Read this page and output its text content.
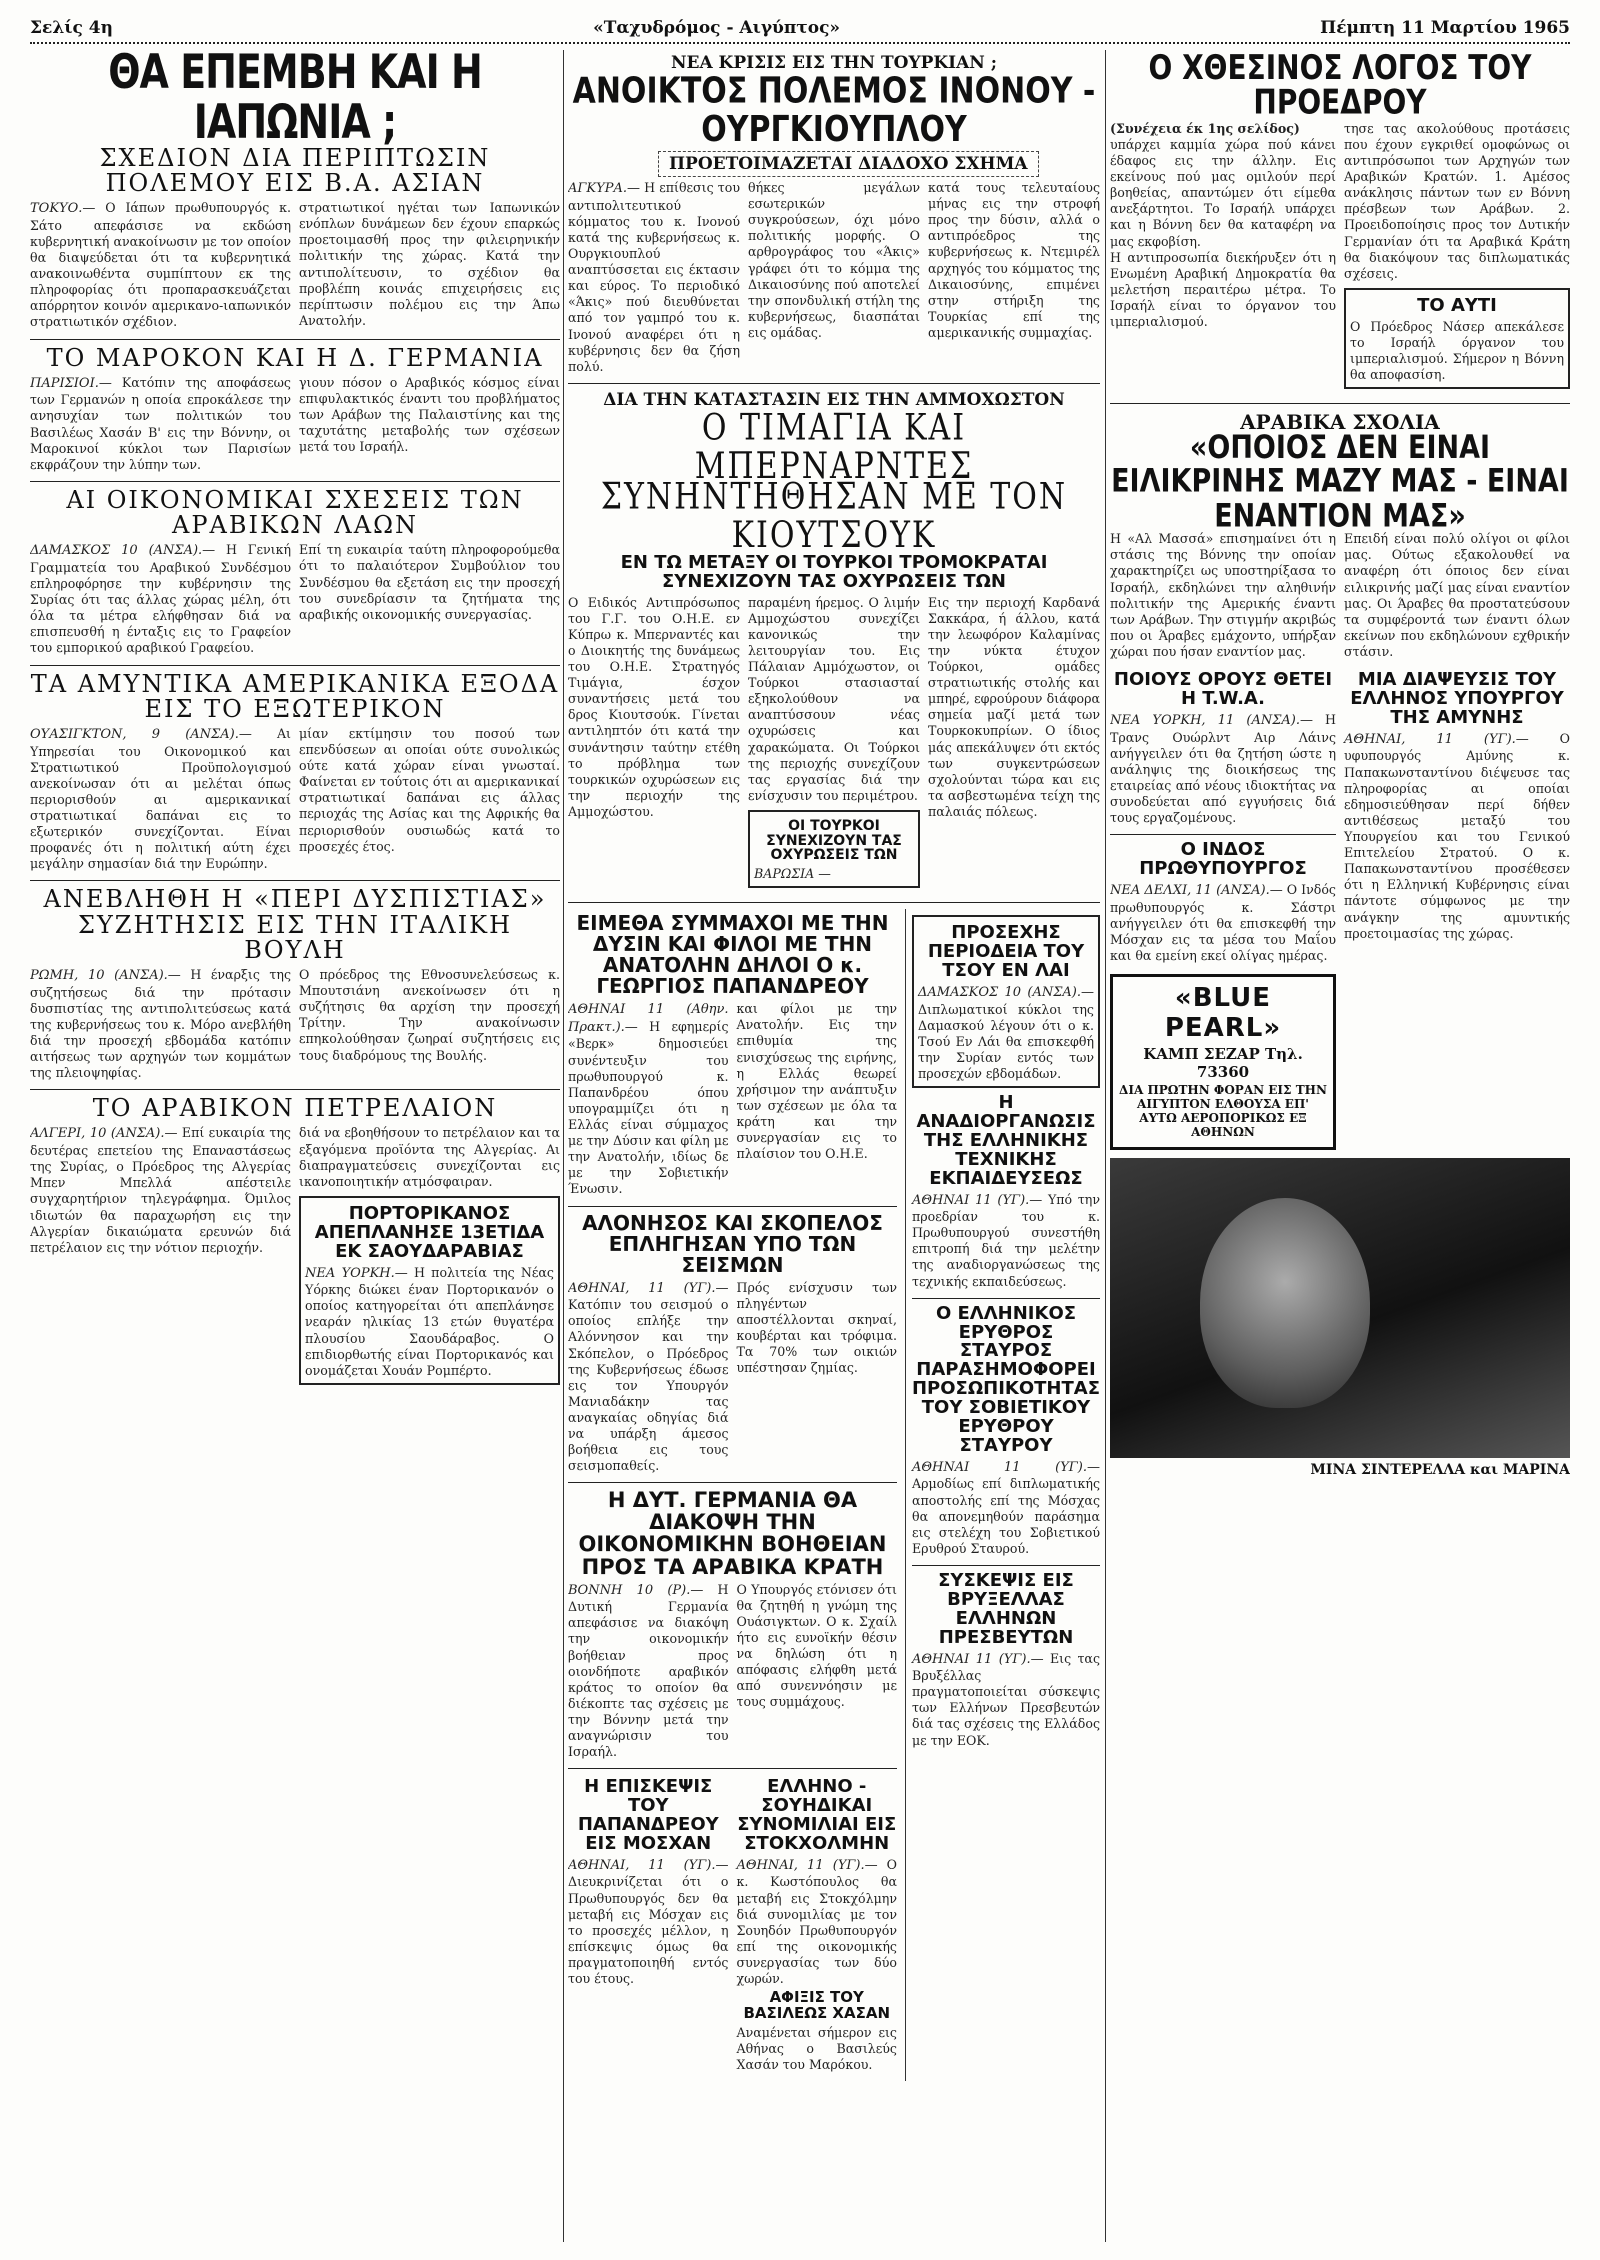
Σελίς 4η	«Ταχυδρόμος - Αιγύπτος»	Πέμπτη 11 Μαρτίου 1965
ΘΑ ΕΠΕΜΒΗ ΚΑΙ Η ΙΑΠΩΝΙΑ ;
ΣΧΕΔΙΟΝ ΔΙΑ ΠΕΡΙΠΤΩΣΙΝ ΠΟΛΕΜΟΥ ΕΙΣ Β.Α. ΑΣΙΑΝ
ΤΟΚΥΟ.— Ο Ιάπων πρωθυπουργός κ. Σάτο απεφάσισε να εκδώση κυβερνητική ανακοίνωσιν με τον οποίον θα διαψεύδεται ότι τα κυβερνητικά ανακοινωθέντα συμπίπτουν εκ της πληροφορίας ότι προπαρασκευάζεται απόρρητον κοινόν αμερικανο-ιαπωνικόν στρατιωτικόν σχέδιον.
στρατιωτικοί ηγέται των Ιαπωνικών ενόπλων δυνάμεων δεν έχουν επαρκώς προετοιμασθή προς την φιλειρηνικήν πολιτικήν της χώρας. Κατά την αντιπολίτευσιν, το σχέδιον θα προβλέπη κοινάς επιχειρήσεις εις περίπτωσιν πολέμου εις την Άπω Ανατολήν.
ΤΟ ΜΑΡΟΚΟΝ ΚΑΙ Η Δ. ΓΕΡΜΑΝΙΑ
ΠΑΡΙΣΙΟΙ.— Κατόπιν της αποφάσεως των Γερμανών η οποία επροκάλεσε την ανησυχίαν των πολιτικών του Βασιλέως Χασάν Β' εις την Βόννην, οι Μαροκινοί κύκλοι των Παρισίων εκφράζουν την λύπην των.
γιουν πόσον ο Αραβικός κόσμος είναι επιφυλακτικός έναντι του προβλήματος των Αράβων της Παλαιστίνης και της ταχυτάτης μεταβολής των σχέσεων μετά του Ισραήλ.
ΑΙ ΟΙΚΟΝΟΜΙΚΑΙ ΣΧΕΣΕΙΣ ΤΩΝ ΑΡΑΒΙΚΩΝ ΛΑΩΝ
ΔΑΜΑΣΚΟΣ 10 (ΑΝΣΑ).— Η Γενική Γραμματεία του Αραβικού Συνδέσμου επληροφόρησε την κυβέρνησιν της Συρίας ότι τας άλλας χώρας μέλη, ότι όλα τα μέτρα ελήφθησαν διά να επισπευσθή η ένταξις εις το Γραφείον του εμπορικού αραβικού Γραφείου.
Επί τη ευκαιρία ταύτη πληροφορούμεθα ότι το παλαιότερον Συμβούλιον του Συνδέσμου θα εξετάση εις την προσεχή του συνεδρίασιν τα ζητήματα της αραβικής οικονομικής συνεργασίας.
ΤΑ ΑΜΥΝΤΙΚΑ ΑΜΕΡΙΚΑΝΙΚΑ ΕΞΟΔΑ ΕΙΣ ΤΟ ΕΞΩΤΕΡΙΚΟΝ
ΟΥΑΣΙΓΚΤΟΝ, 9 (ΑΝΣΑ).— Αι Υπηρεσίαι του Οικονομικού και Στρατιωτικού Προϋπολογισμού ανεκοίνωσαν ότι αι μελέται όπως περιορισθούν αι αμερικανικαί στρατιωτικαί δαπάναι εις το εξωτερικόν συνεχίζονται. Είναι προφανές ότι η πολιτική αύτη έχει μεγάλην σημασίαν διά την Ευρώπην.
μίαν εκτίμησιν του ποσού των επενδύσεων αι οποίαι ούτε συνολικώς ούτε κατά χώραν είναι γνωσταί. Φαίνεται εν τούτοις ότι αι αμερικανικαί στρατιωτικαί δαπάναι εις άλλας περιοχάς της Ασίας και της Αφρικής θα περιορισθούν ουσιωδώς κατά το προσεχές έτος.
ΑΝΕΒΛΗΘΗ Η «ΠΕΡΙ ΔΥΣΠΙΣΤΙΑΣ» ΣΥΖΗΤΗΣΙΣ ΕΙΣ ΤΗΝ ΙΤΑΛΙΚΗ ΒΟΥΛΗ
ΡΩΜΗ, 10 (ΑΝΣΑ).— Η έναρξις της συζητήσεως διά την πρότασιν δυσπιστίας της αντιπολιτεύσεως κατά της κυβερνήσεως του κ. Μόρο ανεβλήθη διά την προσεχή εβδομάδα κατόπιν αιτήσεως των αρχηγών των κομμάτων της πλειοψηφίας.
Ο πρόεδρος της Εθνοσυνελεύσεως κ. Μπουτσιάνη ανεκοίνωσεν ότι η συζήτησις θα αρχίση την προσεχή Τρίτην. Την ανακοίνωσιν επηκολούθησαν ζωηραί συζητήσεις εις τους διαδρόμους της Βουλής.
ΤΟ ΑΡΑΒΙΚΟΝ ΠΕΤΡΕΛΑΙΟΝ
ΑΛΓΕΡΙ, 10 (ΑΝΣΑ).— Επί ευκαιρία της δευτέρας επετείου της Επαναστάσεως της Συρίας, ο Πρόεδρος της Αλγερίας Μπεν Μπελλά απέστειλε συγχαρητήριον τηλεγράφημα. Όμιλος ιδιωτών θα παραχωρήση εις την Αλγερίαν δικαιώματα ερευνών διά πετρέλαιον εις την νότιον περιοχήν.
διά να εβοηθήσουν το πετρέλαιον και τα εξαγόμενα προϊόντα της Αλγερίας. Αι διαπραγματεύσεις συνεχίζονται εις ικανοποιητικήν ατμόσφαιραν.
ΠΟΡΤΟΡΙΚΑΝΟΣ ΑΠΕΠΛΑΝΗΣΕ 13ΕΤΙΔΑ ΕΚ ΣΑΟΥΔΑΡΑΒΙΑΣ
ΝΕΑ ΥΟΡΚΗ.— Η πολιτεία της Νέας Υόρκης διώκει έναν Πορτορικανόν ο οποίος κατηγορείται ότι απεπλάνησε νεαράν ηλικίας 13 ετών θυγατέρα πλουσίου Σαουδάραβος. Ο επιδιορθωτής είναι Πορτορικανός και ονομάζεται Χουάν Ρομπέρτο.
ΝΕΑ ΚΡΙΣΙΣ ΕΙΣ ΤΗΝ ΤΟΥΡΚΙΑΝ ;
ΑΝΟΙΚΤΟΣ ΠΟΛΕΜΟΣ ΙΝΟΝΟΥ - ΟΥΡΓΚΙΟΥΠΛΟΥ
ΠΡΟΕΤΟΙΜΑΖΕΤΑΙ ΔΙΑΔΟΧΟ ΣΧΗΜΑ
ΑΓΚΥΡΑ.— Η επίθεσις του αντιπολιτευτικού κόμματος του κ. Ινονού κατά της κυβερνήσεως κ. Ουργκιουπλού αναπτύσσεται εις έκτασιν και εύρος. Το περιοδικό «Άκις» πού διευθύνεται από τον γαμπρό του κ. Ινονού αναφέρει ότι η κυβέρνησις δεν θα ζήση πολύ.
θήκες μεγάλων εσωτερικών συγκρούσεων, όχι μόνο πολιτικής μορφής. Ο αρθρογράφος του «Άκις» γράφει ότι το κόμμα της Δικαιοσύνης πού αποτελεί την σπονδυλική στήλη της κυβερνήσεως, διασπάται εις ομάδας.
κατά τους τελευταίους μήνας εις την στροφή προς την δύσιν, αλλά ο αντιπρόεδρος της κυβερνήσεως κ. Ντεμιρέλ αρχηγός του κόμματος της Δικαιοσύνης, επιμένει στην στήριξη της Τουρκίας επί της αμερικανικής συμμαχίας.
ΔΙΑ ΤΗΝ ΚΑΤΑΣΤΑΣΙΝ ΕΙΣ ΤΗΝ ΑΜΜΟΧΩΣΤΟΝ
Ο ΤΙΜΑΓΙΑ ΚΑΙ ΜΠΕΡΝΑΡΝΤΕΣ
ΣΥΝΗΝΤΗΘΗΣΑΝ ΜΕ ΤΟΝ ΚΙΟΥΤΣΟΥΚ
ΕΝ ΤΩ ΜΕΤΑΞΥ ΟΙ ΤΟΥΡΚΟΙ ΤΡΟΜΟΚΡΑΤΑΙ ΣΥΝΕΧΙΖΟΥΝ ΤΑΣ ΟΧΥΡΩΣΕΙΣ ΤΩΝ
Ο Ειδικός Αντιπρόσωπος του Γ.Γ. του Ο.Η.Ε. εν Κύπρω κ. Μπερναντές και ο Διοικητής της δυνάμεως του Ο.Η.Ε. Στρατηγός Τιμάγια, έσχον συναντήσεις μετά του δρος Κιουτσούκ. Γίνεται αντιληπτόν ότι κατά την συνάντησιν ταύτην ετέθη το πρόβλημα των τουρκικών οχυρώσεων εις την περιοχήν της Αμμοχώστου.
παραμένη ήρεμος. Ο λιμήν Αμμοχώστου συνεχίζει κανονικώς την λειτουργίαν του. Εις Πάλαιαν Αμμόχωστον, οι Τούρκοι στασιασταί εξηκολούθουν να αναπτύσσουν νέας οχυρώσεις και χαρακώματα. Οι Τούρκοι της περιοχής συνεχίζουν τας εργασίας διά την ενίσχυσιν του περιμέτρου.
ΟΙ ΤΟΥΡΚΟΙ ΣΥΝΕΧΙΖΟΥΝ ΤΑΣ ΟΧΥΡΩΣΕΙΣ ΤΩΝ
ΒΑΡΩΣΙΑ —
Εις την περιοχή Καρδανά Σακκάρα, ή άλλου, κατά την λεωφόρον Καλαμίνας την νύκτα έτυχον Τούρκοι, ομάδες στρατιωτικής στολής και μπηρέ, εφρούρουν διάφορα σημεία μαζί μετά των Τουρκοκυπρίων. Ο ίδιος μάς απεκάλυψεν ότι εκτός των συγκεντρώσεων σχολούνται τώρα και εις τα ασβεστωμένα τείχη της παλαιάς πόλεως.
ΕΙΜΕΘΑ ΣΥΜΜΑΧΟΙ ΜΕ ΤΗΝ ΔΥΣΙΝ ΚΑΙ ΦΙΛΟΙ ΜΕ ΤΗΝ ΑΝΑΤΟΛΗΝ ΔΗΛΟΙ Ο κ. ΓΕΩΡΓΙΟΣ ΠΑΠΑΝΔΡΕΟΥ
ΑΘΗΝΑΙ 11 (Αθην. Πρακτ.).— Η εφημερίς «Βερκ» δημοσιεύει συνέντευξιν του πρωθυπουργού κ. Παπανδρέου όπου υπογραμμίζει ότι η Ελλάς είναι σύμμαχος με την Δύσιν και φίλη με την Ανατολήν, ιδίως δε με την Σοβιετικήν Ένωσιν.
και φίλοι με την Ανατολήν. Εις την επιθυμία της ενισχύσεως της ειρήνης, η Ελλάς θεωρεί χρήσιμον την ανάπτυξιν των σχέσεων με όλα τα κράτη και την συνεργασίαν εις το πλαίσιον του Ο.Η.Ε.
ΑΛΟΝΗΣΟΣ ΚΑΙ ΣΚΟΠΕΛΟΣ ΕΠΛΗΓΗΣΑΝ ΥΠΟ ΤΩΝ ΣΕΙΣΜΩΝ
ΑΘΗΝΑΙ, 11 (ΥΓ).— Κατόπιν του σεισμού ο οποίος επλήξε την Αλόννησον και την Σκόπελον, ο Πρόεδρος της Κυβερνήσεως έδωσε εις τον Υπουργόν Μανιαδάκην τας αναγκαίας οδηγίας διά να υπάρξη άμεσος βοήθεια εις τους σεισμοπαθείς.
Πρός ενίσχυσιν των πληγέντων αποστέλλονται σκηναί, κουβέρται και τρόφιμα. Τα 70% των οικιών υπέστησαν ζημίας.
Η ΔΥΤ. ΓΕΡΜΑΝΙΑ ΘΑ ΔΙΑΚΟΨΗ ΤΗΝ ΟΙΚΟΝΟΜΙΚΗΝ ΒΟΗΘΕΙΑΝ ΠΡΟΣ ΤΑ ΑΡΑΒΙΚΑ ΚΡΑΤΗ
ΒΟΝΝΗ 10 (Ρ).— Η Δυτική Γερμανία απεφάσισε να διακόψη την οικονομικήν βοήθειαν προς οιονδήποτε αραβικόν κράτος το οποίον θα διέκοπτε τας σχέσεις με την Βόννην μετά την αναγνώρισιν του Ισραήλ.
Ο Υπουργός ετόνισεν ότι θα ζητηθή η γνώμη της Ουάσιγκτων. Ο κ. Σχαίλ ήτο εις ευνοϊκήν θέσιν να δηλώση ότι η απόφασις ελήφθη μετά από συνεννόησιν με τους συμμάχους.
Η ΕΠΙΣΚΕΨΙΣ ΤΟΥ ΠΑΠΑΝΔΡΕΟΥ ΕΙΣ ΜΟΣΧΑΝ
ΑΘΗΝΑΙ, 11 (ΥΓ).— Διευκρινίζεται ότι ο Πρωθυπουργός δεν θα μεταβή εις Μόσχαν εις το προσεχές μέλλον, η επίσκεψις όμως θα πραγματοποιηθή εντός του έτους.
ΕΛΛΗΝΟ - ΣΟΥΗΔΙΚΑΙ ΣΥΝΟΜΙΛΙΑΙ ΕΙΣ ΣΤΟΚΧΟΛΜΗΝ
ΑΘΗΝΑΙ, 11 (ΥΓ).— Ο κ. Κωστόπουλος θα μεταβή εις Στοκχόλμην διά συνομιλίας με τον Σουηδόν Πρωθυπουργόν επί της οικονομικής συνεργασίας των δύο χωρών.
ΑΦΙΞΙΣ ΤΟΥ ΒΑΣΙΛΕΩΣ ΧΑΣΑΝ
Αναμένεται σήμερον εις Αθήνας ο Βασιλεύς Χασάν του Μαρόκου.
ΠΡΟΣΕΧΗΣ ΠΕΡΙΟΔΕΙΑ ΤΟΥ ΤΣΟΥ ΕΝ ΛΑΙ
ΔΑΜΑΣΚΟΣ 10 (ΑΝΣΑ).— Διπλωματικοί κύκλοι της Δαμασκού λέγουν ότι ο κ. Τσού Εν Λάι θα επισκεφθή την Συρίαν εντός των προσεχών εβδομάδων.
Η ΑΝΑΔΙΟΡΓΑΝΩΣΙΣ ΤΗΣ ΕΛΛΗΝΙΚΗΣ ΤΕΧΝΙΚΗΣ ΕΚΠΑΙΔΕΥΣΕΩΣ
ΑΘΗΝΑΙ 11 (ΥΓ).— Υπό την προεδρίαν του κ. Πρωθυπουργού συνεστήθη επιτροπή διά την μελέτην της αναδιοργανώσεως της τεχνικής εκπαιδεύσεως.
Ο ΕΛΛΗΝΙΚΟΣ ΕΡΥΘΡΟΣ ΣΤΑΥΡΟΣ ΠΑΡΑΣΗΜΟΦΟΡΕΙ ΠΡΟΣΩΠΙΚΟΤΗΤΑΣ ΤΟΥ ΣΟΒΙΕΤΙΚΟΥ ΕΡΥΘΡΟΥ ΣΤΑΥΡΟΥ
ΑΘΗΝΑΙ 11 (ΥΓ).— Αρμοδίως επί διπλωματικής αποστολής επί της Μόσχας θα απονεμηθούν παράσημα εις στελέχη του Σοβιετικού Ερυθρού Σταυρού.
ΣΥΣΚΕΨΙΣ ΕΙΣ ΒΡΥΞΕΛΛΑΣ ΕΛΛΗΝΩΝ ΠΡΕΣΒΕΥΤΩΝ
ΑΘΗΝΑΙ 11 (ΥΓ).— Εις τας Βρυξέλλας πραγματοποιείται σύσκεψις των Ελλήνων Πρεσβευτών διά τας σχέσεις της Ελλάδος με την ΕΟΚ.
Ο ΧΘΕΣΙΝΟΣ ΛΟΓΟΣ ΤΟΥ ΠΡΟΕΔΡΟΥ
(Συνέχεια έκ 1ης σελίδος)
υπάρχει καμμία χώρα πού κάνει έδαφος εις την άλλην. Εις εκείνους πού μας ομιλούν περί βοηθείας, απαντώμεν ότι είμεθα ανεξάρτητοι. Το Ισραήλ υπάρχει και η Βόννη δεν θα καταφέρη να μας εκφοβίση.
Η αντιπροσωπία διεκήρυξεν ότι η Ενωμένη Αραβική Δημοκρατία θα μελετήση περαιτέρω μέτρα. Το Ισραήλ είναι το όργανον του ιμπεριαλισμού.
τησε τας ακολούθους προτάσεις που έχουν εγκριθεί ομοφώνως οι αντιπρόσωποι των Αρχηγών των Αραβικών Κρατών. 1. Αμέσος ανάκλησις πάντων των εν Βόννη πρέσβεων των Αράβων. 2. Προειδοποίησις προς τον Δυτικήν Γερμανίαν ότι τα Αραβικά Κράτη θα διακόψουν τας διπλωματικάς σχέσεις.
ΤΟ ΑΥΤΙ
Ο Πρόεδρος Νάσερ απεκάλεσε το Ισραήλ όργανον του ιμπεριαλισμού. Σήμερον η Βόννη θα αποφασίση.
ΑΡΑΒΙΚΑ ΣΧΟΛΙΑ
«ΟΠΟΙΟΣ ΔΕΝ ΕΙΝΑΙ ΕΙΛΙΚΡΙΝΗΣ ΜΑΖΥ ΜΑΣ - ΕΙΝΑΙ ΕΝΑΝΤΙΟΝ ΜΑΣ»
Η «Αλ Μασσά» επισημαίνει ότι η στάσις της Βόννης την οποίαν χαρακτηρίζει ως υποστηρίξασα το Ισραήλ, εκδηλώνει την αληθινήν πολιτικήν της Αμερικής έναντι των Αράβων. Την στιγμήν ακριβώς που οι Άραβες εμάχοντο, υπήρξαν χώραι που ήσαν εναντίον μας.
Επειδή είναι πολύ ολίγοι οι φίλοι μας. Ούτως εξακολουθεί να αναφέρη ότι όποιος δεν είναι ειλικρινής μαζί μας είναι εναντίον μας. Οι Άραβες θα προστατεύσουν τα συμφέροντά των έναντι όλων εκείνων που εκδηλώνουν εχθρικήν στάσιν.
ΠΟΙΟΥΣ ΟΡΟΥΣ ΘΕΤΕΙ Η T.W.A.
ΝΕΑ ΥΟΡΚΗ, 11 (ΑΝΣΑ).— Η Τρανς Ουώρλντ Αιρ Λάινς ανήγγειλεν ότι θα ζητήση ώστε η ανάληψις της διοικήσεως της εταιρείας από νέους ιδιοκτήτας να συνοδεύεται από εγγυήσεις διά τους εργαζομένους.
Ο ΙΝΔΟΣ ΠΡΩΘΥΠΟΥΡΓΟΣ
ΝΕΑ ΔΕΛΧΙ, 11 (ΑΝΣΑ).— Ο Ινδός πρωθυπουργός κ. Σάστρι ανήγγειλεν ότι θα επισκεφθή την Μόσχαν εις τα μέσα του Μαΐου και θα εμείνη εκεί ολίγας ημέρας.
«BLUE PEARL»
ΚΑΜΠ ΣΕΖΑΡ Τηλ. 73360
ΔΙΑ ΠΡΩΤΗΝ ΦΟΡΑΝ ΕΙΣ ΤΗΝ ΑΙΓΥΠΤΟΝ ΕΛΘΟΥΣΑ ΕΠ' ΑΥΤΩ ΑΕΡΟΠΟΡΙΚΩΣ ΕΞ ΑΘΗΝΩΝ
ΜΙΑ ΔΙΑΨΕΥΣΙΣ ΤΟΥ ΕΛΛΗΝΟΣ ΥΠΟΥΡΓΟΥ ΤΗΣ ΑΜΥΝΗΣ
ΑΘΗΝΑΙ, 11 (ΥΓ).— Ο υφυπουργός Αμύνης κ. Παπακωνσταντίνου διέψευσε τας πληροφορίας αι οποίαι εδημοσιεύθησαν περί δήθεν αντιθέσεως μεταξύ του Υπουργείου και του Γενικού Επιτελείου Στρατού. Ο κ. Παπακωνσταντίνου προσέθεσεν ότι η Ελληνική Κυβέρνησις είναι πάντοτε σύμφωνος με την ανάγκην της αμυντικής προετοιμασίας της χώρας.
ΜΙΝΑ ΣΙΝΤΕΡΕΛΛΑ και ΜΑΡΙΝΑ
